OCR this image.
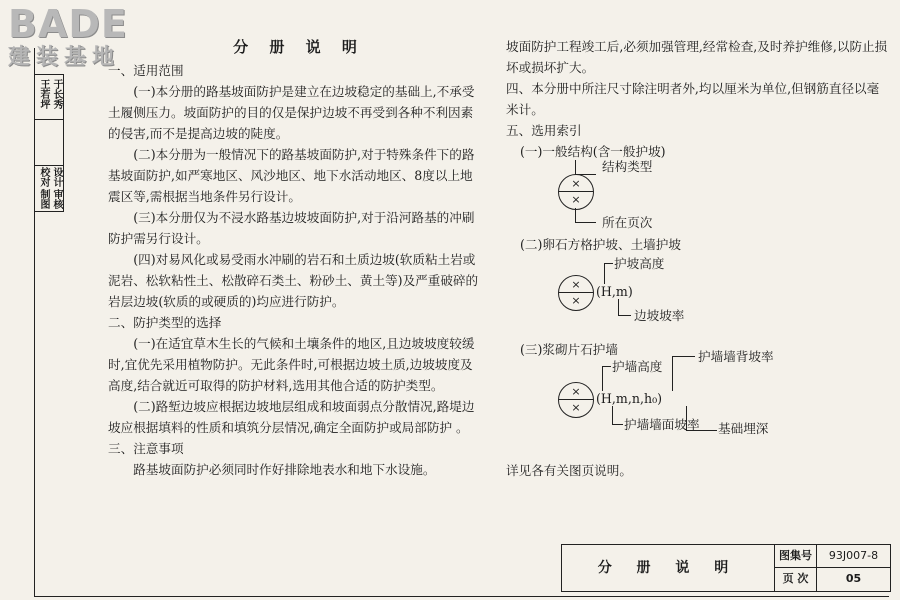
BADE
建装基地
王若坪 于长秀
校对 设计
制图 审核
分 册 说 明

一、适用范围

(一)本分册的路基坡面防护是建立在边坡稳定的基础上,不承受土履侧压力。坡面防护的目的仅是保护边坡不再受到各种不利因素的侵害,而不是提高边坡的陡度。

(二)本分册为一般情况下的路基坡面防护,对于特殊条件下的路基坡面防护,如严寒地区、风沙地区、地下水活动地区、8度以上地震区等,需根据当地条件另行设计。

(三)本分册仅为不浸水路基边坡坡面防护,对于沿河路基的冲刷防护需另行设计。

(四)对易风化或易受雨水冲刷的岩石和土质边坡(软质粘土岩或泥岩、松软粘性土、松散碎石类土、粉砂土、黄土等)及严重破碎的岩层边坡(软质的或硬质的)均应进行防护。

二、防护类型的选择

(一)在适宜草木生长的气候和土壤条件的地区,且边坡坡度较缓时,宜优先采用植物防护。无此条件时,可根据边坡土质,边坡坡度及高度,结合就近可取得的防护材料,选用其他合适的防护类型。

(二)路堑边坡应根据边坡地层组成和坡面弱点分散情况,路堤边坡应根据填料的性质和填筑分层情况,确定全面防护或局部防护 。

三、注意事项

路基坡面防护必须同时作好排除地表水和地下水设施。

坡面防护工程竣工后,必须加强管理,经常检查,及时养护维修,以防止损坏或损坏扩大。

四、本分册中所注尺寸除注明者外,均以厘米为单位,但钢筋直径以毫米计。

五、选用索引

(一)一般结构(含一般护坡)

×
×
结构类型
所在页次

(二)卵石方格护坡、土墙护坡

×
×
(H,m)
护坡高度
边坡坡率

(三)浆砌片石护墙

×
×
(H,m,n,h₀)
护墙高度
护墙墙背坡率
护墙墙面坡率 基础埋深

详见各有关图页说明。

分 册 说 明
图集号	93J007-8
页 次	05
